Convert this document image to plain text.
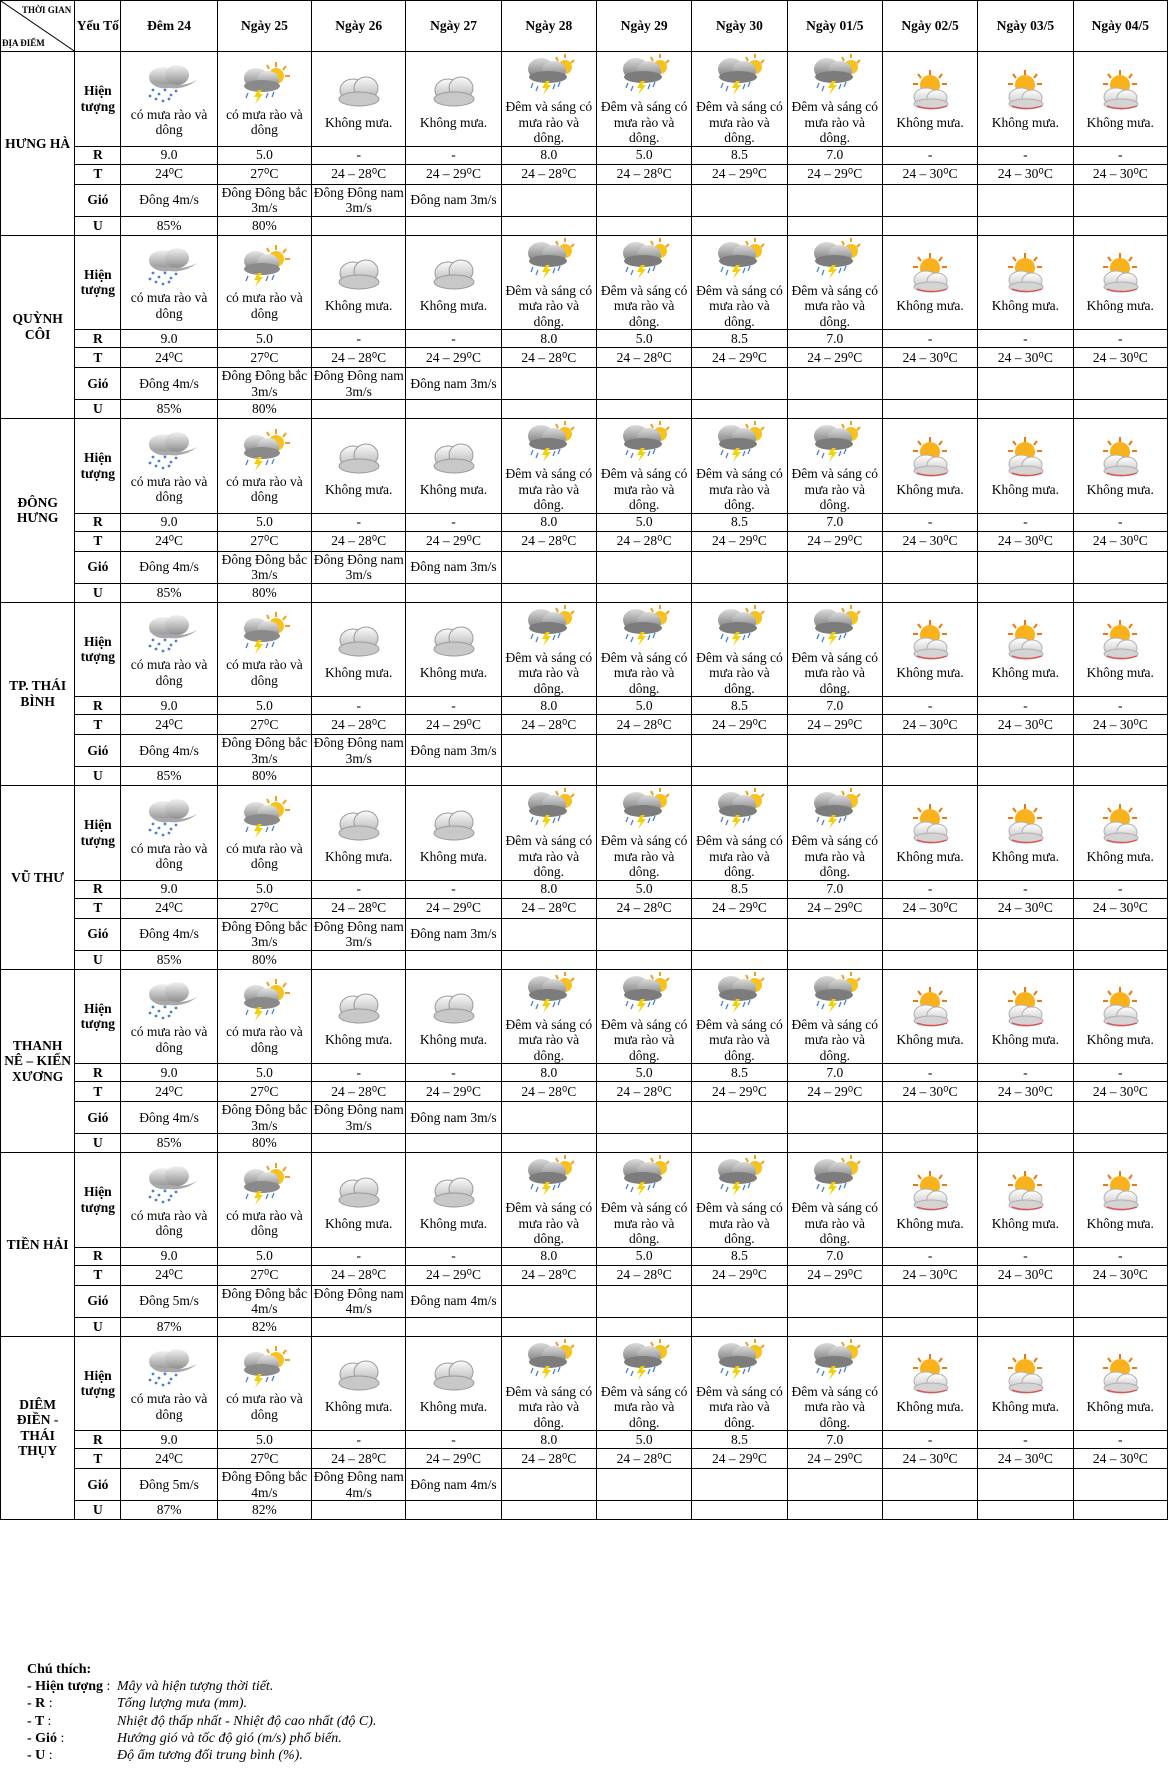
THỜI GIAN
ĐỊA ĐIỂM	Yếu Tố	Đêm 24	Ngày 25	Ngày 26	Ngày 27	Ngày 28	Ngày 29	Ngày 30	Ngày 01/5	Ngày 02/5	Ngày 03/5	Ngày 04/5
HƯNG HÀ	Hiện tượng	có mưa rào và dông	có mưa rào và dông	Không mưa.	Không mưa.	Đêm và sáng có mưa rào và dông.	Đêm và sáng có mưa rào và dông.	Đêm và sáng có mưa rào và dông.	Đêm và sáng có mưa rào và dông.	Không mưa.	Không mưa.	Không mưa.

	R	9.0	5.0	-	-	8.0	5.0	8.5	7.0	-	-	-
	T	24⁰C	27⁰C	24 – 28⁰C	24 – 29⁰C	24 – 28⁰C	24 – 28⁰C	24 – 29⁰C	24 – 29⁰C	24 – 30⁰C	24 – 30⁰C	24 – 30⁰C
	Gió	Đông 4m/s	Đông Đông bắc 3m/s	Đông Đông nam 3m/s	Đông nam 3m/s							
	U	85%	80%									
QUỲNH CÔI	Hiện tượng	có mưa rào và dông	có mưa rào và dông	Không mưa.	Không mưa.	Đêm và sáng có mưa rào và dông.	Đêm và sáng có mưa rào và dông.	Đêm và sáng có mưa rào và dông.	Đêm và sáng có mưa rào và dông.	Không mưa.	Không mưa.	Không mưa.

	R	9.0	5.0	-	-	8.0	5.0	8.5	7.0	-	-	-
	T	24⁰C	27⁰C	24 – 28⁰C	24 – 29⁰C	24 – 28⁰C	24 – 28⁰C	24 – 29⁰C	24 – 29⁰C	24 – 30⁰C	24 – 30⁰C	24 – 30⁰C
	Gió	Đông 4m/s	Đông Đông bắc 3m/s	Đông Đông nam 3m/s	Đông nam 3m/s							
	U	85%	80%									
ĐÔNG HƯNG	Hiện tượng	có mưa rào và dông	có mưa rào và dông	Không mưa.	Không mưa.	Đêm và sáng có mưa rào và dông.	Đêm và sáng có mưa rào và dông.	Đêm và sáng có mưa rào và dông.	Đêm và sáng có mưa rào và dông.	Không mưa.	Không mưa.	Không mưa.

	R	9.0	5.0	-	-	8.0	5.0	8.5	7.0	-	-	-
	T	24⁰C	27⁰C	24 – 28⁰C	24 – 29⁰C	24 – 28⁰C	24 – 28⁰C	24 – 29⁰C	24 – 29⁰C	24 – 30⁰C	24 – 30⁰C	24 – 30⁰C
	Gió	Đông 4m/s	Đông Đông bắc 3m/s	Đông Đông nam 3m/s	Đông nam 3m/s							
	U	85%	80%									
TP. THÁI BÌNH	Hiện tượng	có mưa rào và dông	có mưa rào và dông	Không mưa.	Không mưa.	Đêm và sáng có mưa rào và dông.	Đêm và sáng có mưa rào và dông.	Đêm và sáng có mưa rào và dông.	Đêm và sáng có mưa rào và dông.	Không mưa.	Không mưa.	Không mưa.

	R	9.0	5.0	-	-	8.0	5.0	8.5	7.0	-	-	-
	T	24⁰C	27⁰C	24 – 28⁰C	24 – 29⁰C	24 – 28⁰C	24 – 28⁰C	24 – 29⁰C	24 – 29⁰C	24 – 30⁰C	24 – 30⁰C	24 – 30⁰C
	Gió	Đông 4m/s	Đông Đông bắc 3m/s	Đông Đông nam 3m/s	Đông nam 3m/s							
	U	85%	80%									
VŨ THƯ	Hiện tượng	có mưa rào và dông	có mưa rào và dông	Không mưa.	Không mưa.	Đêm và sáng có mưa rào và dông.	Đêm và sáng có mưa rào và dông.	Đêm và sáng có mưa rào và dông.	Đêm và sáng có mưa rào và dông.	Không mưa.	Không mưa.	Không mưa.

	R	9.0	5.0	-	-	8.0	5.0	8.5	7.0	-	-	-
	T	24⁰C	27⁰C	24 – 28⁰C	24 – 29⁰C	24 – 28⁰C	24 – 28⁰C	24 – 29⁰C	24 – 29⁰C	24 – 30⁰C	24 – 30⁰C	24 – 30⁰C
	Gió	Đông 4m/s	Đông Đông bắc 3m/s	Đông Đông nam 3m/s	Đông nam 3m/s							
	U	85%	80%									
THANH NÊ – KIẾN XƯƠNG	Hiện tượng	có mưa rào và dông	có mưa rào và dông	Không mưa.	Không mưa.	Đêm và sáng có mưa rào và dông.	Đêm và sáng có mưa rào và dông.	Đêm và sáng có mưa rào và dông.	Đêm và sáng có mưa rào và dông.	Không mưa.	Không mưa.	Không mưa.

	R	9.0	5.0	-	-	8.0	5.0	8.5	7.0	-	-	-
	T	24⁰C	27⁰C	24 – 28⁰C	24 – 29⁰C	24 – 28⁰C	24 – 28⁰C	24 – 29⁰C	24 – 29⁰C	24 – 30⁰C	24 – 30⁰C	24 – 30⁰C
	Gió	Đông 4m/s	Đông Đông bắc 3m/s	Đông Đông nam 3m/s	Đông nam 3m/s							
	U	85%	80%									
TIỀN HẢI	Hiện tượng	có mưa rào và dông	có mưa rào và dông	Không mưa.	Không mưa.	Đêm và sáng có mưa rào và dông.	Đêm và sáng có mưa rào và dông.	Đêm và sáng có mưa rào và dông.	Đêm và sáng có mưa rào và dông.	Không mưa.	Không mưa.	Không mưa.

	R	9.0	5.0	-	-	8.0	5.0	8.5	7.0	-	-	-
	T	24⁰C	27⁰C	24 – 28⁰C	24 – 29⁰C	24 – 28⁰C	24 – 28⁰C	24 – 29⁰C	24 – 29⁰C	24 – 30⁰C	24 – 30⁰C	24 – 30⁰C
	Gió	Đông 5m/s	Đông Đông bắc 4m/s	Đông Đông nam 4m/s	Đông nam 4m/s							
	U	87%	82%									
DIÊM ĐIỀN - THÁI THỤY	Hiện tượng	có mưa rào và dông	có mưa rào và dông	Không mưa.	Không mưa.	Đêm và sáng có mưa rào và dông.	Đêm và sáng có mưa rào và dông.	Đêm và sáng có mưa rào và dông.	Đêm và sáng có mưa rào và dông.	Không mưa.	Không mưa.	Không mưa.

	R	9.0	5.0	-	-	8.0	5.0	8.5	7.0	-	-	-
	T	24⁰C	27⁰C	24 – 28⁰C	24 – 29⁰C	24 – 28⁰C	24 – 28⁰C	24 – 29⁰C	24 – 29⁰C	24 – 30⁰C	24 – 30⁰C	24 – 30⁰C
	Gió	Đông 5m/s	Đông Đông bắc 4m/s	Đông Đông nam 4m/s	Đông nam 4m/s							
	U	87%	82%									
Chú thích:
- Hiện tượng : Mây và hiện tượng thời tiết.
- R :	Tổng lượng mưa (mm).
- T :	Nhiệt độ thấp nhất - Nhiệt độ cao nhất (độ C).
- Gió :	Hướng gió và tốc độ gió (m/s) phổ biến.
- U :	Độ ẩm tương đối trung bình (%).
